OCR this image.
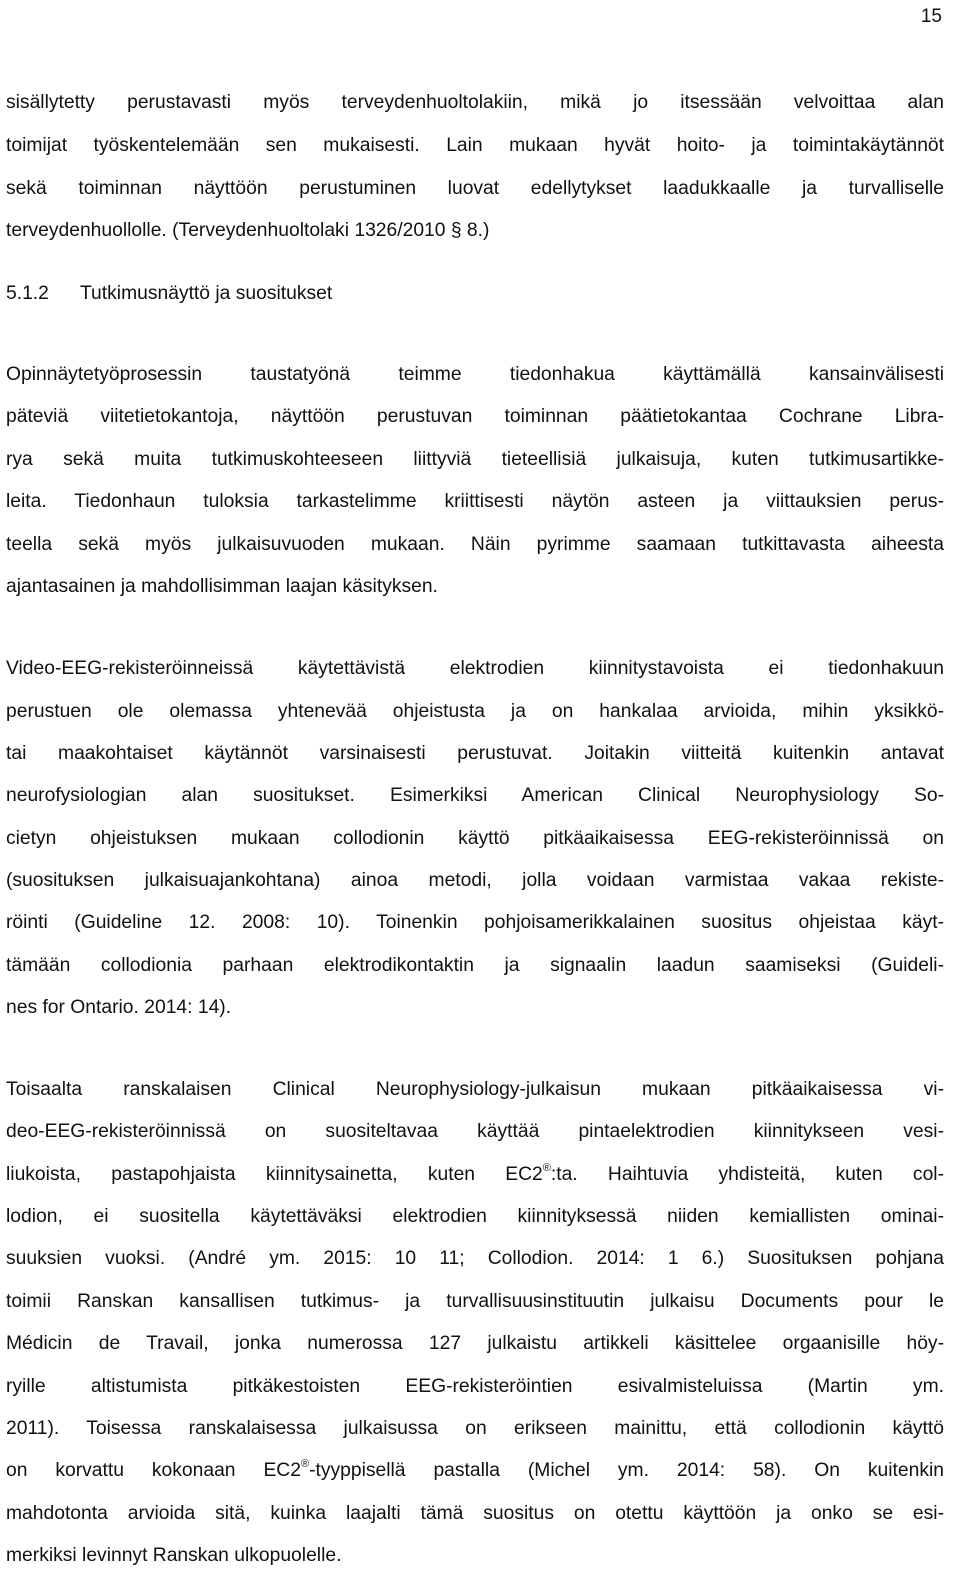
15
sisällytetty perustavasti myös terveydenhuoltolakiin, mikä jo itsessään velvoittaa alan
toimijat työskentelemään sen mukaisesti. Lain mukaan hyvät hoito- ja toimintakäytännöt
sekä toiminnan näyttöön perustuminen luovat edellytykset laadukkaalle ja turvalliselle
terveydenhuollolle. (Terveydenhuoltolaki 1326/2010 § 8.)
5.1.2 Tutkimusnäyttö ja suositukset
Opinnäytetyöprosessin taustatyönä teimme tiedonhakua käyttämällä kansainvälisesti
päteviä viitetietokantoja, näyttöön perustuvan toiminnan päätietokantaa Cochrane Libra-
rya sekä muita tutkimuskohteeseen liittyviä tieteellisiä julkaisuja, kuten tutkimusartikke-
leita. Tiedonhaun tuloksia tarkastelimme kriittisesti näytön asteen ja viittauksien perus-
teella sekä myös julkaisuvuoden mukaan. Näin pyrimme saamaan tutkittavasta aiheesta
ajantasainen ja mahdollisimman laajan käsityksen.
Video-EEG-rekisteröinneissä käytettävistä elektrodien kiinnitystavoista ei tiedonhakuun
perustuen ole olemassa yhtenevää ohjeistusta ja on hankalaa arvioida, mihin yksikkö-
tai maakohtaiset käytännöt varsinaisesti perustuvat. Joitakin viitteitä kuitenkin antavat
neurofysiologian alan suositukset. Esimerkiksi American Clinical Neurophysiology So-
cietyn ohjeistuksen mukaan collodionin käyttö pitkäaikaisessa EEG-rekisteröinnissä on
(suosituksen julkaisuajankohtana) ainoa metodi, jolla voidaan varmistaa vakaa rekiste-
röinti (Guideline 12. 2008: 10). Toinenkin pohjoisamerikkalainen suositus ohjeistaa käyt-
tämään collodionia parhaan elektrodikontaktin ja signaalin laadun saamiseksi (Guideli-
nes for Ontario. 2014: 14).
Toisaalta ranskalaisen Clinical Neurophysiology-julkaisun mukaan pitkäaikaisessa vi-
deo-EEG-rekisteröinnissä on suositeltavaa käyttää pintaelektrodien kiinnitykseen vesi-
liukoista, pastapohjaista kiinnitysainetta, kuten EC2®:ta. Haihtuvia yhdisteitä, kuten col-
lodion, ei suositella käytettäväksi elektrodien kiinnityksessä niiden kemiallisten ominai-
suuksien vuoksi. (André ym. 2015: 10 11; Collodion. 2014: 1 6.) Suosituksen pohjana
toimii Ranskan kansallisen tutkimus- ja turvallisuusinstituutin julkaisu Documents pour le
Médicin de Travail, jonka numerossa 127 julkaistu artikkeli käsittelee orgaanisille höy-
ryille altistumista pitkäkestoisten EEG-rekisteröintien esivalmisteluissa (Martin ym.
2011). Toisessa ranskalaisessa julkaisussa on erikseen mainittu, että collodionin käyttö
on korvattu kokonaan EC2®-tyyppisellä pastalla (Michel ym. 2014: 58). On kuitenkin
mahdotonta arvioida sitä, kuinka laajalti tämä suositus on otettu käyttöön ja onko se esi-
merkiksi levinnyt Ranskan ulkopuolelle.
